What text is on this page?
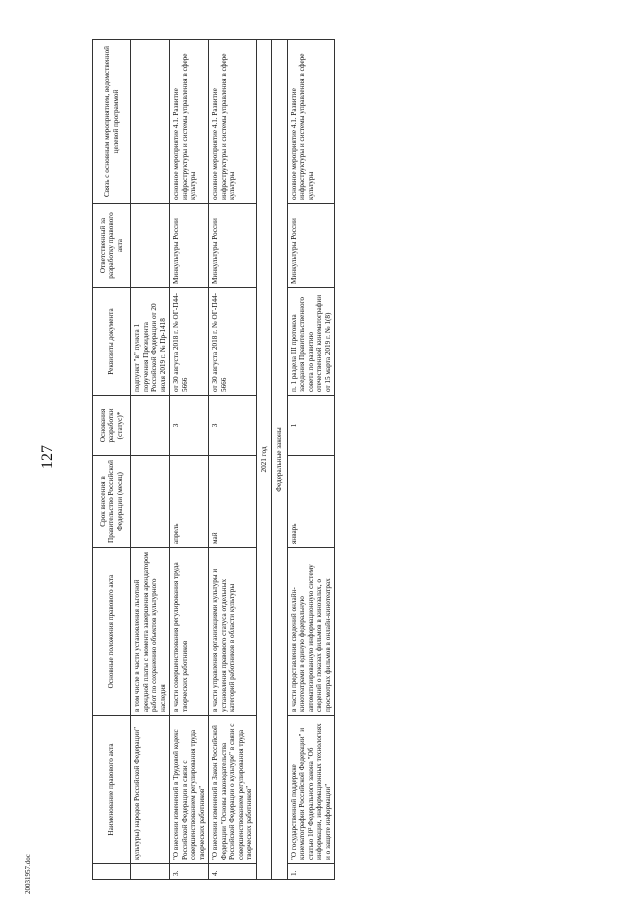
127
20031957.doc
	Наименование правового акта	Основные положения правового акта	Срок внесения в Правительство Российской Федерации (месяц)	Основания разработки (статус)*	Реквизиты документа	Ответственный за разработку правового акта	Связь с основным мероприятием, ведомственной целевой программой
	культуры) народов Российской Федерации"	в том числе в части установления льготной арендной платы с момента завершения арендатором работ по сохранению объектов культурного наследия			подпункт "в" пункта 1 поручения Президента Российской Федерации от 20 июля 2019 г. № Пр-1418		
3.	"О внесении изменений в Трудовой кодекс Российской Федерации в связи с совершенствованием регулирования труда творческих работников"	в части совершенствования регулирования труда творческих работников	апрель	3	от 30 августа 2018 г. № ОГ-П44-5666	Минкультуры России	основное мероприятие 4.1. Развитие инфраструктуры и системы управления в сфере культуры
4.	"О внесении изменений в Закон Российской Федерации "Основы законодательства Российской Федерации о культуре" в связи с совершенствованием регулирования труда творческих работников"	в части управления организациями культуры и установления правового статуса отдельных категорий работников в области культуры	май	3	от 30 августа 2018 г. № ОГ-П44-5666	Минкультуры России	основное мероприятие 4.1. Развитие инфраструктуры и системы управления в сфере культуры
2021 год							
Федеральные законы							
1.	"О государственной поддержке кинематографии Российской Федерации" и статью 10² Федерального закона "Об информации, информационных технологиях и о защите информации"	в части представления сведений онлайн-кинотеатрами в единую федеральную автоматизированную информационную систему сведений о показах фильмов в кинозалах, о просмотрах фильмов в онлайн-кинотеатрах	январь	1	п. 1 раздела III протокола заседания Правительственного совета по развитию отечественной кинематографии от 15 марта 2019 г. № 1(8)	Минкультуры России	основное мероприятие 4.1. Развитие инфраструктуры и системы управления в сфере культуры
